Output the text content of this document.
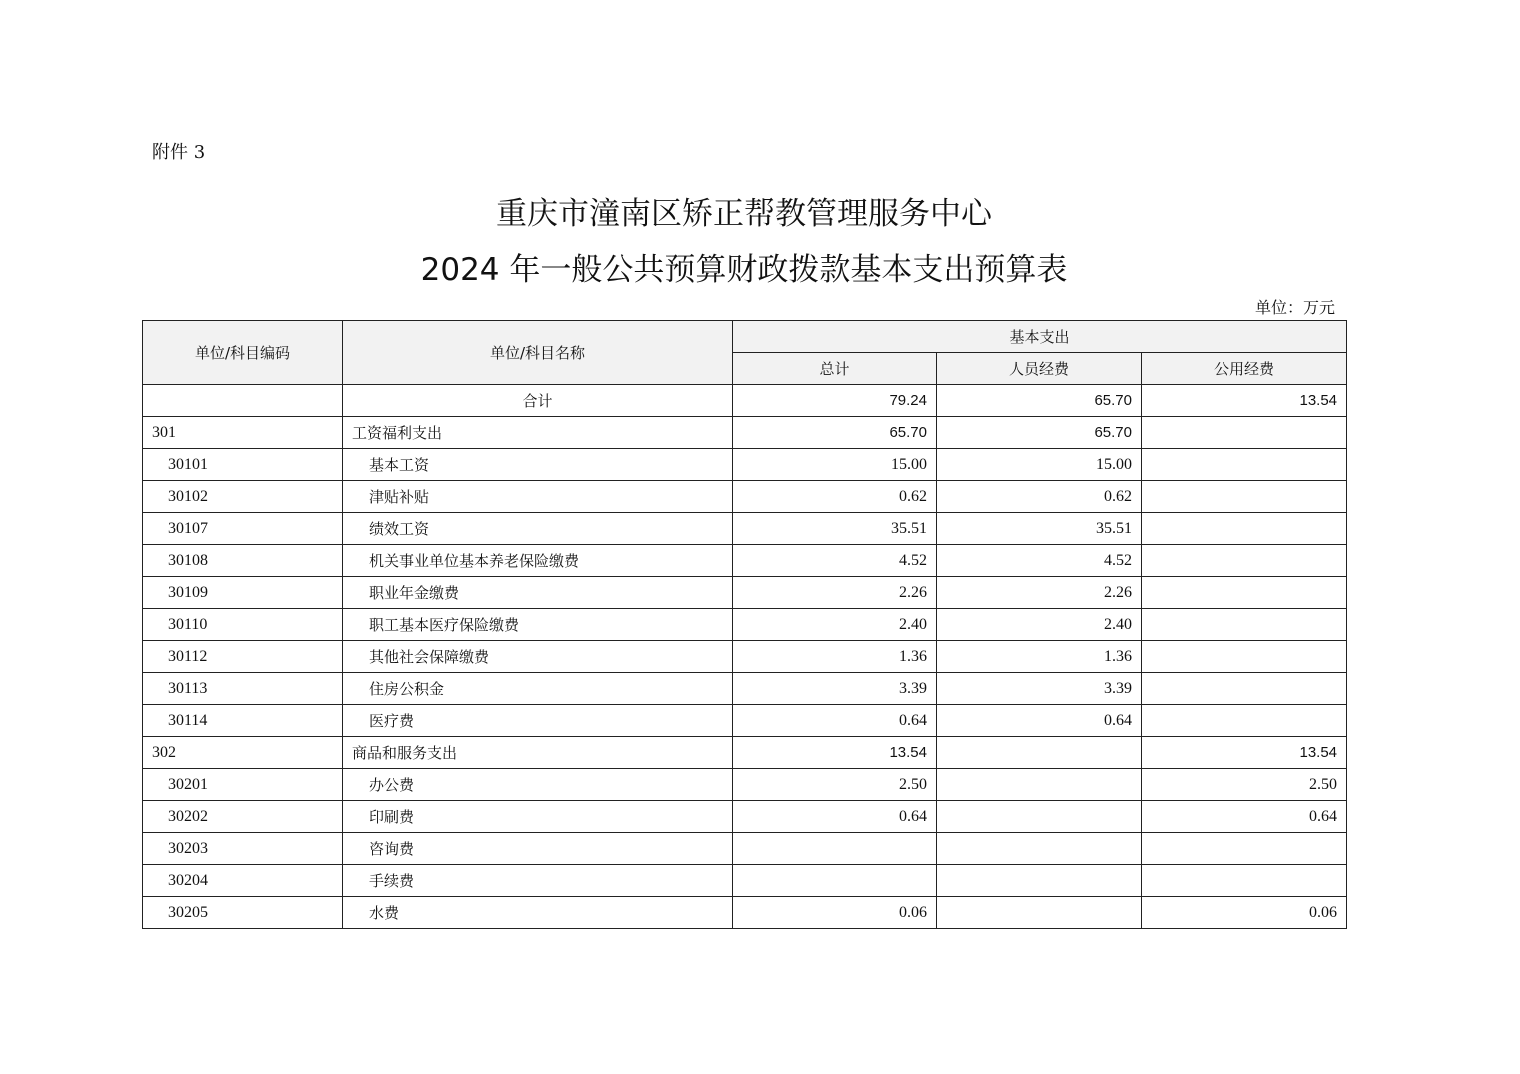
附件 3
重庆市潼南区矫正帮教管理服务中心
2024 年一般公共预算财政拨款基本支出预算表
单位：万元
单位/科目编码	单位/科目名称	基本支出		
		总计	人员经费	公用经费
	合计	79.24	65.70	13.54
301	工资福利支出	65.70	65.70	
30101	基本工资	15.00	15.00	
30102	津贴补贴	0.62	0.62	
30107	绩效工资	35.51	35.51	
30108	机关事业单位基本养老保险缴费	4.52	4.52	
30109	职业年金缴费	2.26	2.26	
30110	职工基本医疗保险缴费	2.40	2.40	
30112	其他社会保障缴费	1.36	1.36	
30113	住房公积金	3.39	3.39	
30114	医疗费	0.64	0.64	
302	商品和服务支出	13.54		13.54
30201	办公费	2.50		2.50
30202	印刷费	0.64		0.64
30203	咨询费			
30204	手续费			
30205	水费	0.06		0.06
